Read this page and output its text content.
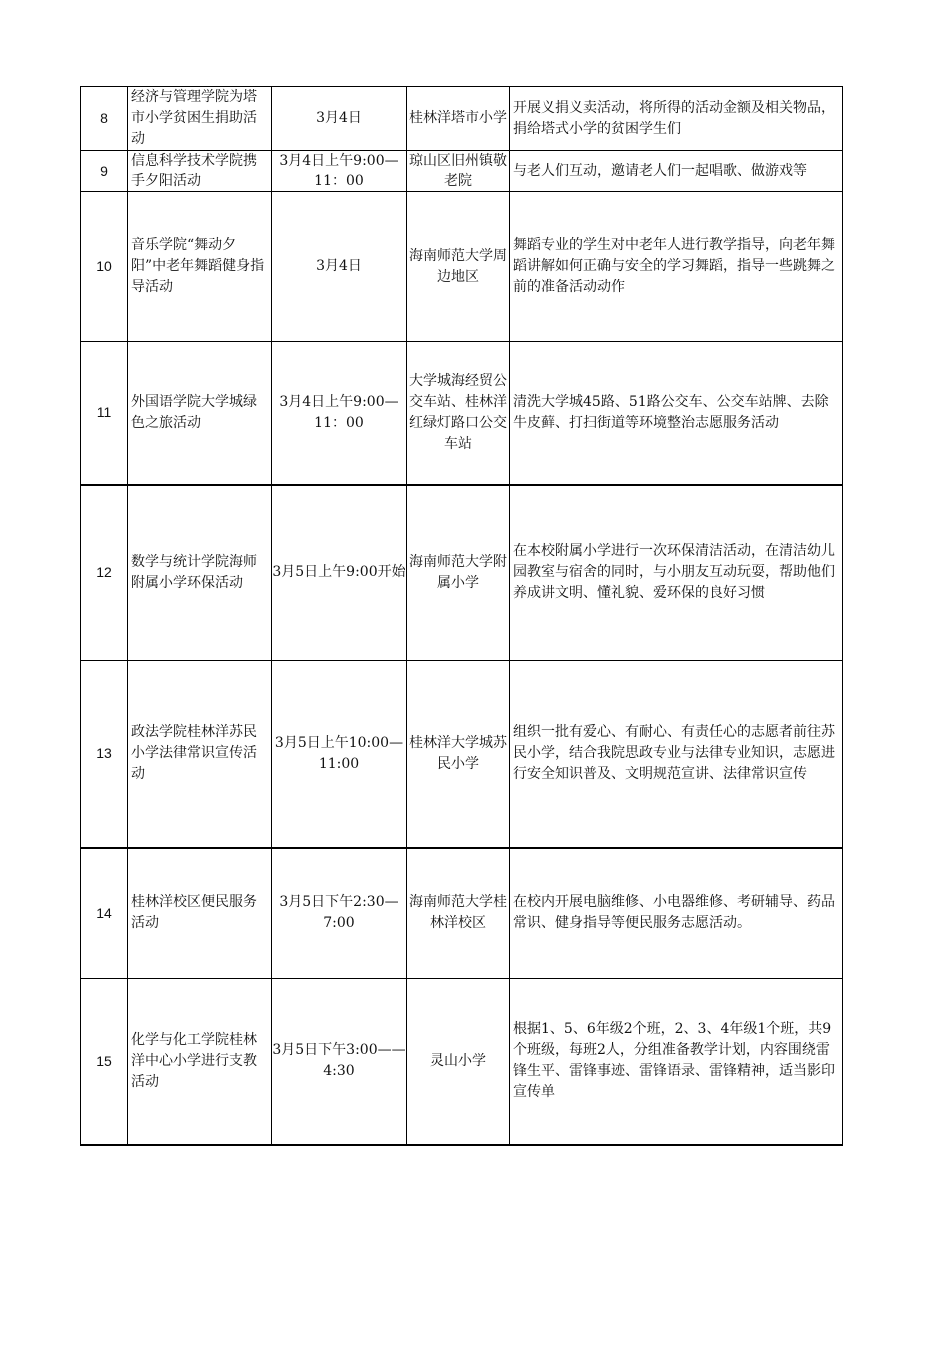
8	经济与管理学院为塔市小学贫困生捐助活动	3月4日	桂林洋塔市小学	开展义捐义卖活动，将所得的活动金额及相关物品，捐给塔式小学的贫困学生们
9	信息科学技术学院携手夕阳活动	3月4日上午9:00—11：00	琼山区旧州镇敬老院	与老人们互动，邀请老人们一起唱歌、做游戏等
10	音乐学院“舞动夕阳”中老年舞蹈健身指导活动	3月4日	海南师范大学周边地区	舞蹈专业的学生对中老年人进行教学指导，向老年舞蹈讲解如何正确与安全的学习舞蹈，指导一些跳舞之前的准备活动动作
11	外国语学院大学城绿色之旅活动	3月4日上午9:00—11：00	大学城海经贸公交车站、桂林洋红绿灯路口公交车站	清洗大学城45路、51路公交车、公交车站牌、去除牛皮藓、打扫街道等环境整治志愿服务活动
12	数学与统计学院海师附属小学环保活动	3月5日上午9:00开始	海南师范大学附属小学	在本校附属小学进行一次环保清洁活动，在清洁幼儿园教室与宿舍的同时，与小朋友互动玩耍，帮助他们养成讲文明、懂礼貌、爱环保的良好习惯
13	政法学院桂林洋苏民小学法律常识宣传活动	3月5日上午10:00—11:00	桂林洋大学城苏民小学	组织一批有爱心、有耐心、有责任心的志愿者前往苏民小学，结合我院思政专业与法律专业知识，志愿进行安全知识普及、文明规范宣讲、法律常识宣传
14	桂林洋校区便民服务活动	3月5日下午2:30—7:00	海南师范大学桂林洋校区	在校内开展电脑维修、小电器维修、考研辅导、药品常识、健身指导等便民服务志愿活动。
15	化学与化工学院桂林洋中心小学进行支教活动	3月5日下午3:00——4:30	灵山小学	根据1、5、6年级2个班，2、3、4年级1个班，共9个班级，每班2人，分组准备教学计划，内容围绕雷锋生平、雷锋事迹、雷锋语录、雷锋精神，适当影印宣传单
